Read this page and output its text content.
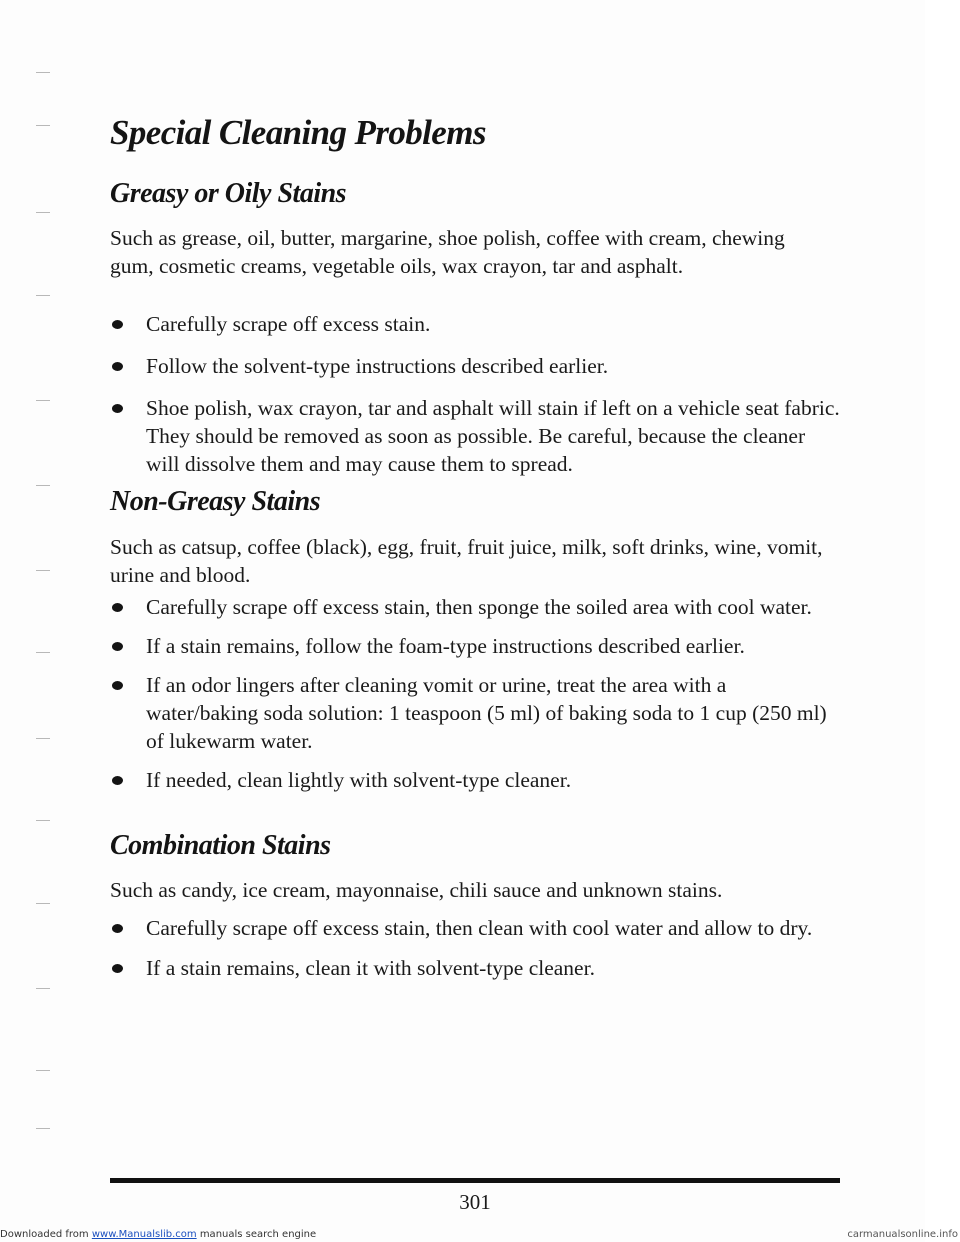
Special Cleaning Problems
Greasy or Oily Stains

Such as grease, oil, butter, margarine, shoe polish, coffee with cream, chewing gum, cosmetic creams, vegetable oils, wax crayon, tar and asphalt.

Carefully scrape off excess stain.
Follow the solvent-type instructions described earlier.
Shoe polish, wax crayon, tar and asphalt will stain if left on a vehicle seat fabric. They should be removed as soon as possible. Be careful, because the cleaner will dissolve them and may cause them to spread.
Non-Greasy Stains

Such as catsup, coffee (black), egg, fruit, fruit juice, milk, soft drinks, wine, vomit, urine and blood.

Carefully scrape off excess stain, then sponge the soiled area with cool water.
If a stain remains, follow the foam-type instructions described earlier.
If an odor lingers after cleaning vomit or urine, treat the area with a water/baking soda solution: 1 teaspoon (5 ml) of baking soda to 1 cup (250 ml) of lukewarm water.
If needed, clean lightly with solvent-type cleaner.
Combination Stains

Such as candy, ice cream, mayonnaise, chili sauce and unknown stains.

Carefully scrape off excess stain, then clean with cool water and allow to dry.
If a stain remains, clean it with solvent-type cleaner.
301
Downloaded from www.Manualslib.com manuals search engine	carmanualsonline.info
